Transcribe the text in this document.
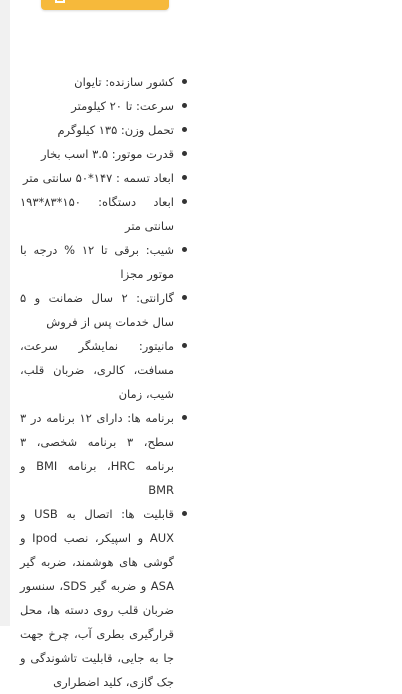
کشور سازنده: تایوان
سرعت: تا ۲۰ کیلومتر
تحمل وزن: ۱۳۵ کیلوگرم
قدرت موتور: ۳.۵ اسب بخار
ابعاد تسمه : ۱۴۷*۵۰ سانتی متر
ابعاد دستگاه: ۱۵۰*۸۳*۱۹۳ سانتی متر
شیب: برقی تا ۱۲ % درجه با موتور مجزا
گارانتی: ۲ سال ضمانت و ۵ سال خدمات پس از فروش
مانیتور: نمایشگر سرعت، مسافت، کالری، ضربان قلب، شیب، زمان
برنامه ها: دارای ۱۲ برنامه در ۳ سطح، ۳ برنامه شخصی، ۳ برنامه HRC، برنامه BMI و BMR
قابلیت ها: اتصال به USB و AUX و اسپیکر، نصب Ipod و گوشی های هوشمند، ضربه گیر ASA و ضربه گیر SDS، سنسور ضربان قلب روی دسته ها، محل قرارگیری بطری آب، چرخ جهت جا به جایی، قابلیت تاشوندگی و جک گازی، کلید اضطراری
